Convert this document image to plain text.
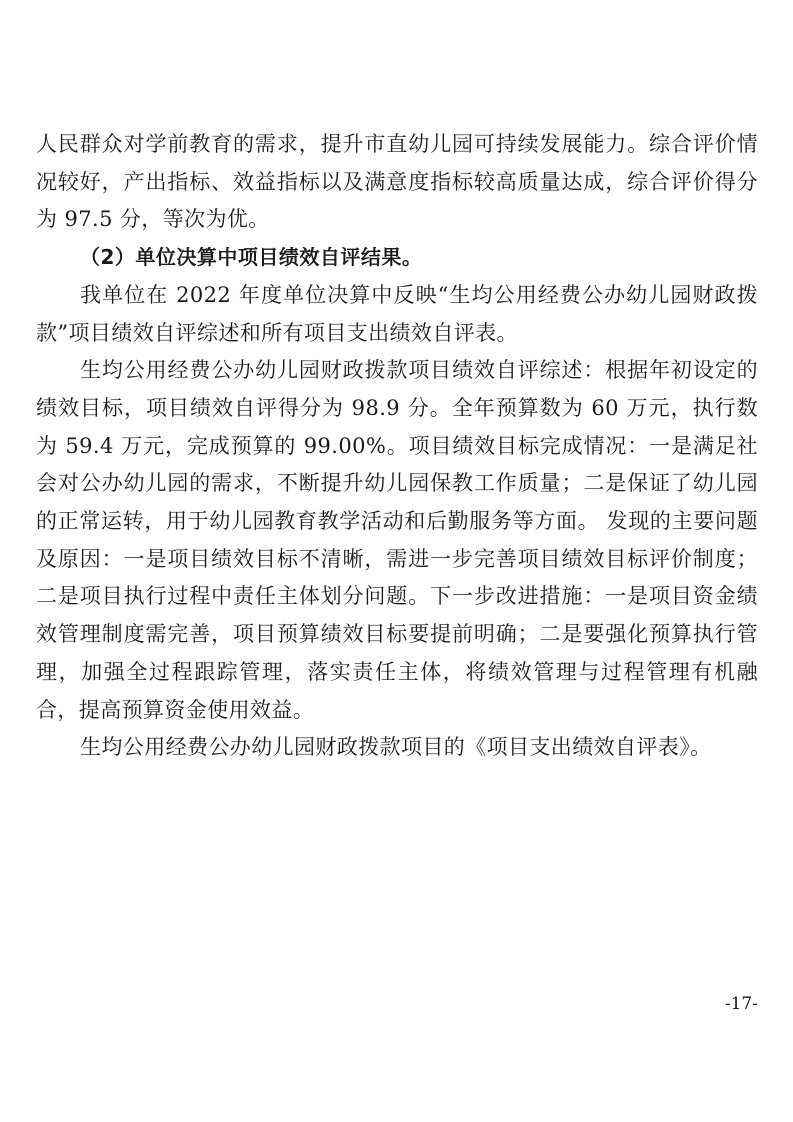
人民群众对学前教育的需求，提升市直幼儿园可持续发展能力。综合评价情况较好，产出指标、效益指标以及满意度指标较高质量达成，综合评价得分为 97.5 分，等次为优。

（2）单位决算中项目绩效自评结果。

我单位在 2022 年度单位决算中反映“生均公用经费公办幼儿园财政拨款”项目绩效自评综述和所有项目支出绩效自评表。

生均公用经费公办幼儿园财政拨款项目绩效自评综述：根据年初设定的绩效目标，项目绩效自评得分为 98.9 分。全年预算数为 60 万元，执行数为 59.4 万元，完成预算的 99.00%。项目绩效目标完成情况：一是满足社会对公办幼儿园的需求，不断提升幼儿园保教工作质量；二是保证了幼儿园的正常运转，用于幼儿园教育教学活动和后勤服务等方面。 发现的主要问题及原因：一是项目绩效目标不清晰，需进一步完善项目绩效目标评价制度；二是项目执行过程中责任主体划分问题。下一步改进措施：一是项目资金绩效管理制度需完善，项目预算绩效目标要提前明确；二是要强化预算执行管理，加强全过程跟踪管理，落实责任主体，将绩效管理与过程管理有机融合，提高预算资金使用效益。

生均公用经费公办幼儿园财政拨款项目的《项目支出绩效自评表》。

-17-
